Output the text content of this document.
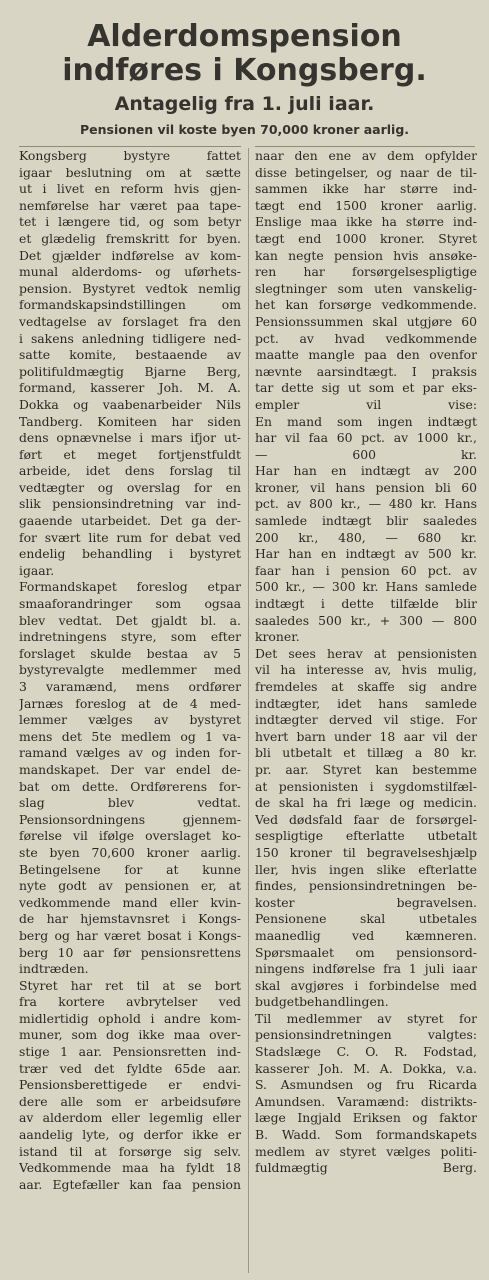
Alderdomspension
indføres i Kongsberg.
Antagelig fra 1. juli iaar.
Pensionen vil koste byen 70,000 kroner aarlig.

Kongsberg bystyre fattet
igaar beslutning om at sætte
ut i livet en reform hvis gjen-
nemførelse har været paa tape-
tet i længere tid, og som betyr
et glædelig fremskritt for byen.
Det gjælder indførelse av kom-
munal alderdoms- og uførhets-
pension. Bystyret vedtok nemlig
formandskapsindstillingen om
vedtagelse av forslaget fra den
i sakens anledning tidligere ned-
satte komite, bestaaende av
politifuldmægtig Bjarne Berg,
formand, kasserer Joh. M. A.
Dokka og vaabenarbeider Nils
Tandberg. Komiteen har siden
dens opnævnelse i mars ifjor ut-
ført et meget fortjenstfuldt
arbeide, idet dens forslag til
vedtægter og overslag for en
slik pensionsindretning var ind-
gaaende utarbeidet. Det ga der-
for svært lite rum for debat ved
endelig behandling i bystyret
igaar.

Formandskapet foreslog etpar
smaaforandringer som ogsaa
blev vedtat. Det gjaldt bl. a.
indretningens styre, som efter
forslaget skulde bestaa av 5
bystyrevalgte medlemmer med
3 varamænd, mens ordfører
Jarnæs foreslog at de 4 med-
lemmer vælges av bystyret
mens det 5te medlem og 1 va-
ramand vælges av og inden for-
mandskapet. Der var endel de-
bat om dette. Ordførerens for-
slag blev vedtat.

Pensionsordningens gjennem-
førelse vil ifølge overslaget ko-
ste byen 70,600 kroner aarlig.

Betingelsene for at kunne
nyte godt av pensionen er, at
vedkommende mand eller kvin-
de har hjemstavnsret i Kongs-
berg og har været bosat i Kongs-
berg 10 aar før pensionsrettens
indtræden.

Styret har ret til at se bort
fra kortere avbrytelser ved
midlertidig ophold i andre kom-
muner, som dog ikke maa over-
stige 1 aar. Pensionsretten ind-
trær ved det fyldte 65de aar.
Pensionsberettigede er endvi-
dere alle som er arbeidsuføre
av alderdom eller legemlig eller
aandelig lyte, og derfor ikke er
istand til at forsørge sig selv.
Vedkommende maa ha fyldt 18
aar. Egtefæller kan faa pension

naar den ene av dem opfylder
disse betingelser, og naar de til-
sammen ikke har større ind-
tægt end 1500 kroner aarlig.
Enslige maa ikke ha større ind-
tægt end 1000 kroner. Styret
kan negte pension hvis ansøke-
ren har forsørgelsespligtige
slegtninger som uten vanskelig-
het kan forsørge vedkommende.
Pensionssummen skal utgjøre 60
pct. av hvad vedkommende
maatte mangle paa den ovenfor
nævnte aarsindtægt. I praksis
tar dette sig ut som et par eks-
empler vil vise:

En mand som ingen indtægt
har vil faa 60 pct. av 1000 kr.,
— 600 kr.

Har han en indtægt av 200
kroner, vil hans pension bli 60
pct. av 800 kr., — 480 kr. Hans
samlede indtægt blir saaledes
200 kr., 480, — 680 kr.

Har han en indtægt av 500 kr.
faar han i pension 60 pct. av
500 kr., — 300 kr. Hans samlede
indtægt i dette tilfælde blir
saaledes 500 kr., + 300 — 800
kroner.

Det sees herav at pensionisten
vil ha interesse av, hvis mulig,
fremdeles at skaffe sig andre
indtægter, idet hans samlede
indtægter derved vil stige. For
hvert barn under 18 aar vil der
bli utbetalt et tillæg a 80 kr.
pr. aar. Styret kan bestemme
at pensionisten i sygdomstilfæl-
de skal ha fri læge og medicin.
Ved dødsfald faar de forsørgel-
sespligtige efterlatte utbetalt
150 kroner til begravelseshjælp
ller, hvis ingen slike efterlatte
findes, pensionsindretningen be-
koster begravelsen.

Pensionene skal utbetales
maanedlig ved kæmneren.

Spørsmaalet om pensionsord-
ningens indførelse fra 1 juli iaar
skal avgjøres i forbindelse med
budgetbehandlingen.

Til medlemmer av styret for
pensionsindretningen valgtes:

Stadslæge C. O. R. Fodstad,
kasserer Joh. M. A. Dokka, v.a.
S. Asmundsen og fru Ricarda
Amundsen. Varamænd: distrikts-
læge Ingjald Eriksen og faktor
B. Wadd. Som formandskapets
medlem av styret vælges politi-
fuldmægtig Berg.
